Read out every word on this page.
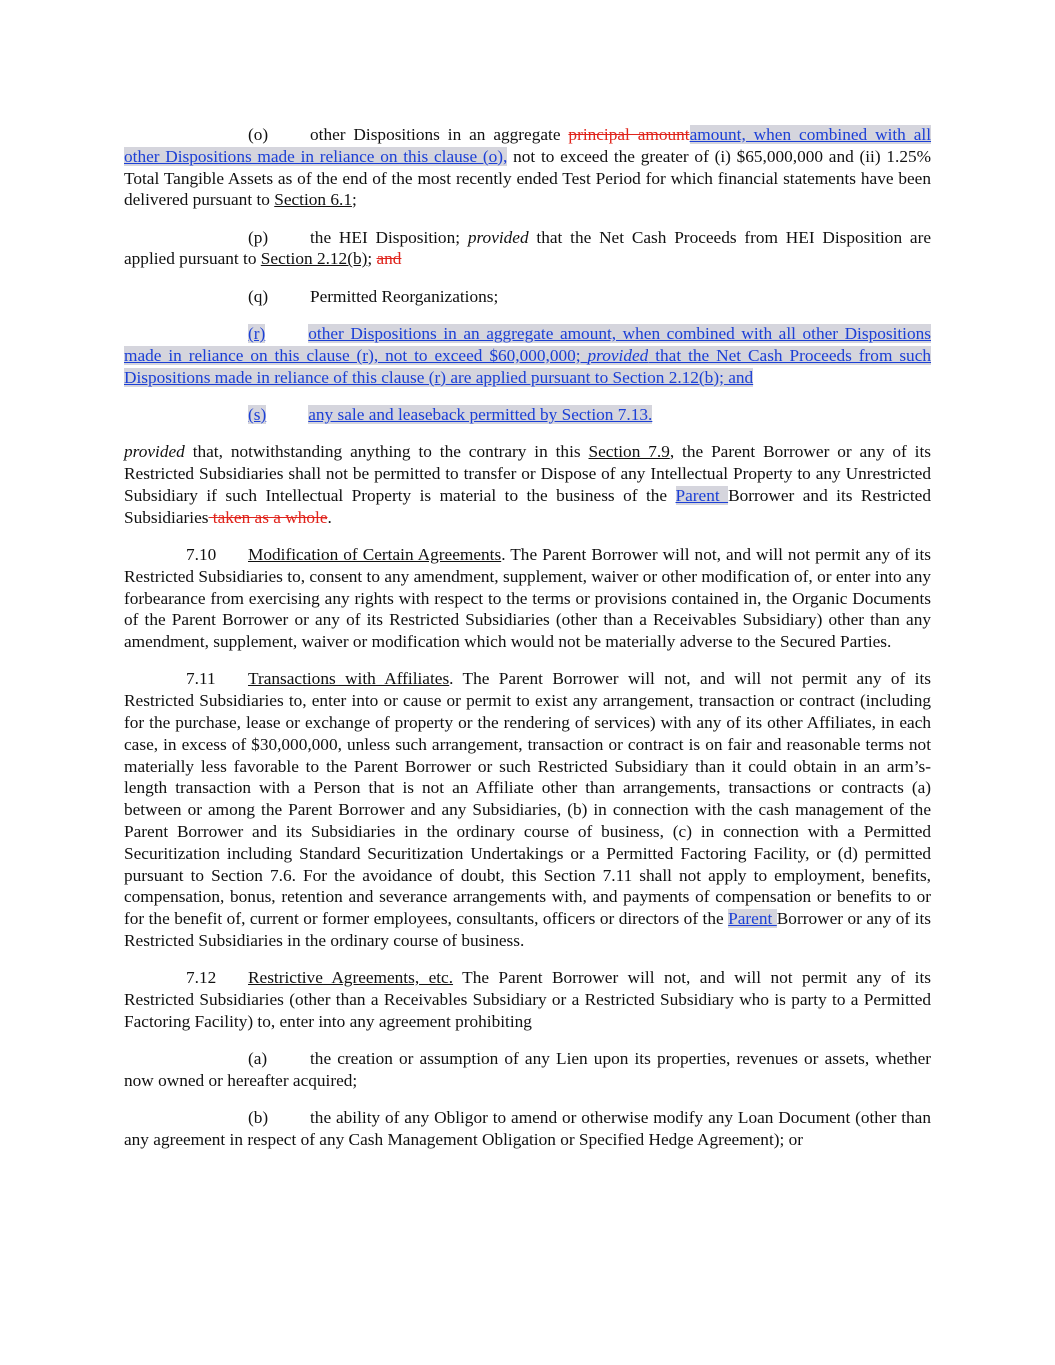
(o) other Dispositions in an aggregate principal amountamount, when combined with all other Dispositions made in reliance on this clause (o), not to exceed the greater of (i) $65,000,000 and (ii) 1.25% Total Tangible Assets as of the end of the most recently ended Test Period for which financial statements have been delivered pursuant to Section 6.1;

(p) the HEI Disposition; provided that the Net Cash Proceeds from HEI Disposition are applied pursuant to Section 2.12(b); and

(q) Permitted Reorganizations;

(r) other Dispositions in an aggregate amount, when combined with all other Dispositions made in reliance on this clause (r), not to exceed $60,000,000; provided that the Net Cash Proceeds from such Dispositions made in reliance of this clause (r) are applied pursuant to Section 2.12(b); and

(s) any sale and leaseback permitted by Section 7.13.

provided that, notwithstanding anything to the contrary in this Section 7.9, the Parent Borrower or any of its Restricted Subsidiaries shall not be permitted to transfer or Dispose of any Intellectual Property to any Unrestricted Subsidiary if such Intellectual Property is material to the business of the Parent Borrower and its Restricted Subsidiaries taken as a whole.

7.10 Modification of Certain Agreements. The Parent Borrower will not, and will not permit any of its Restricted Subsidiaries to, consent to any amendment, supplement, waiver or other modification of, or enter into any forbearance from exercising any rights with respect to the terms or provisions contained in, the Organic Documents of the Parent Borrower or any of its Restricted Subsidiaries (other than a Receivables Subsidiary) other than any amendment, supplement, waiver or modification which would not be materially adverse to the Secured Parties.

7.11 Transactions with Affiliates. The Parent Borrower will not, and will not permit any of its Restricted Subsidiaries to, enter into or cause or permit to exist any arrangement, transaction or contract (including for the purchase, lease or exchange of property or the rendering of services) with any of its other Affiliates, in each case, in excess of $30,000,000, unless such arrangement, transaction or contract is on fair and reasonable terms not materially less favorable to the Parent Borrower or such Restricted Subsidiary than it could obtain in an arm’s-length transaction with a Person that is not an Affiliate other than arrangements, transactions or contracts (a) between or among the Parent Borrower and any Subsidiaries, (b) in connection with the cash management of the Parent Borrower and its Subsidiaries in the ordinary course of business, (c) in connection with a Permitted Securitization including Standard Securitization Undertakings or a Permitted Factoring Facility, or (d) permitted pursuant to Section 7.6. For the avoidance of doubt, this Section 7.11 shall not apply to employment, benefits, compensation, bonus, retention and severance arrangements with, and payments of compensation or benefits to or for the benefit of, current or former employees, consultants, officers or directors of the Parent Borrower or any of its Restricted Subsidiaries in the ordinary course of business.

7.12 Restrictive Agreements, etc. The Parent Borrower will not, and will not permit any of its Restricted Subsidiaries (other than a Receivables Subsidiary or a Restricted Subsidiary who is party to a Permitted Factoring Facility) to, enter into any agreement prohibiting

(a) the creation or assumption of any Lien upon its properties, revenues or assets, whether now owned or hereafter acquired;

(b) the ability of any Obligor to amend or otherwise modify any Loan Document (other than any agreement in respect of any Cash Management Obligation or Specified Hedge Agreement); or
